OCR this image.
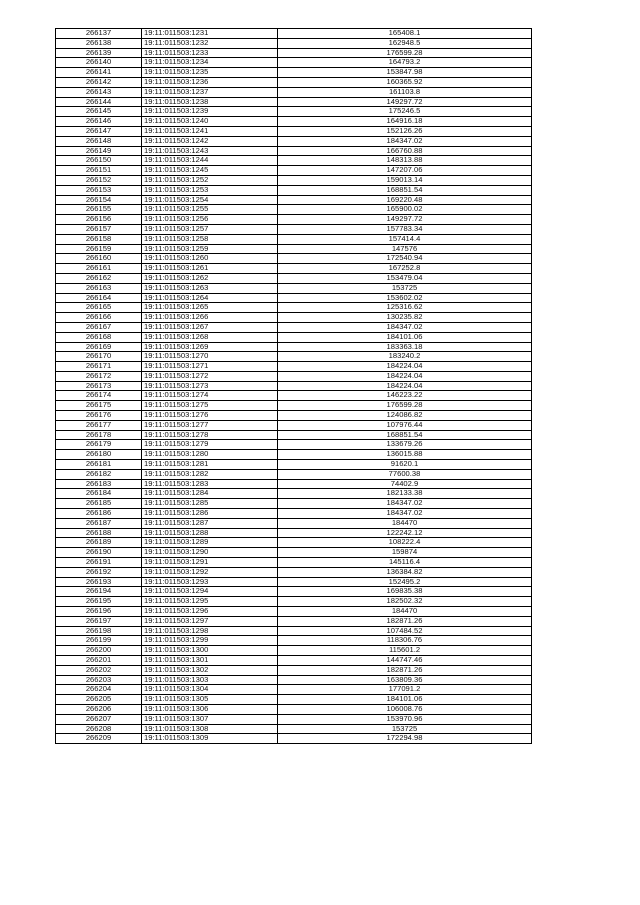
266137	19:11:011503:1231	165408.1
266138	19:11:011503:1232	162948.5
266139	19:11:011503:1233	176599.28
266140	19:11:011503:1234	164793.2
266141	19:11:011503:1235	153847.98
266142	19:11:011503:1236	160365.92
266143	19:11:011503:1237	161103.8
266144	19:11:011503:1238	149297.72
266145	19:11:011503:1239	175246.5
266146	19:11:011503:1240	164916.18
266147	19:11:011503:1241	152126.26
266148	19:11:011503:1242	184347.02
266149	19:11:011503:1243	166760.88
266150	19:11:011503:1244	148313.88
266151	19:11:011503:1245	147207.06
266152	19:11:011503:1252	159013.14
266153	19:11:011503:1253	168851.54
266154	19:11:011503:1254	169220.48
266155	19:11:011503:1255	165900.02
266156	19:11:011503:1256	149297.72
266157	19:11:011503:1257	157783.34
266158	19:11:011503:1258	157414.4
266159	19:11:011503:1259	147576
266160	19:11:011503:1260	172540.94
266161	19:11:011503:1261	167252.8
266162	19:11:011503:1262	153479.04
266163	19:11:011503:1263	153725
266164	19:11:011503:1264	153602.02
266165	19:11:011503:1265	125316.62
266166	19:11:011503:1266	130235.82
266167	19:11:011503:1267	184347.02
266168	19:11:011503:1268	184101.06
266169	19:11:011503:1269	183363.18
266170	19:11:011503:1270	183240.2
266171	19:11:011503:1271	184224.04
266172	19:11:011503:1272	184224.04
266173	19:11:011503:1273	184224.04
266174	19:11:011503:1274	146223.22
266175	19:11:011503:1275	176599.28
266176	19:11:011503:1276	124086.82
266177	19:11:011503:1277	107976.44
266178	19:11:011503:1278	168851.54
266179	19:11:011503:1279	133679.26
266180	19:11:011503:1280	136015.88
266181	19:11:011503:1281	91620.1
266182	19:11:011503:1282	77600.38
266183	19:11:011503:1283	74402.9
266184	19:11:011503:1284	182133.38
266185	19:11:011503:1285	184347.02
266186	19:11:011503:1286	184347.02
266187	19:11:011503:1287	184470
266188	19:11:011503:1288	122242.12
266189	19:11:011503:1289	108222.4
266190	19:11:011503:1290	159874
266191	19:11:011503:1291	145116.4
266192	19:11:011503:1292	136384.82
266193	19:11:011503:1293	152495.2
266194	19:11:011503:1294	169835.38
266195	19:11:011503:1295	182502.32
266196	19:11:011503:1296	184470
266197	19:11:011503:1297	182871.26
266198	19:11:011503:1298	107484.52
266199	19:11:011503:1299	118306.76
266200	19:11:011503:1300	115601.2
266201	19:11:011503:1301	144747.46
266202	19:11:011503:1302	182871.26
266203	19:11:011503:1303	163809.36
266204	19:11:011503:1304	177091.2
266205	19:11:011503:1305	184101.06
266206	19:11:011503:1306	106008.76
266207	19:11:011503:1307	153970.96
266208	19:11:011503:1308	153725
266209	19:11:011503:1309	172294.98
